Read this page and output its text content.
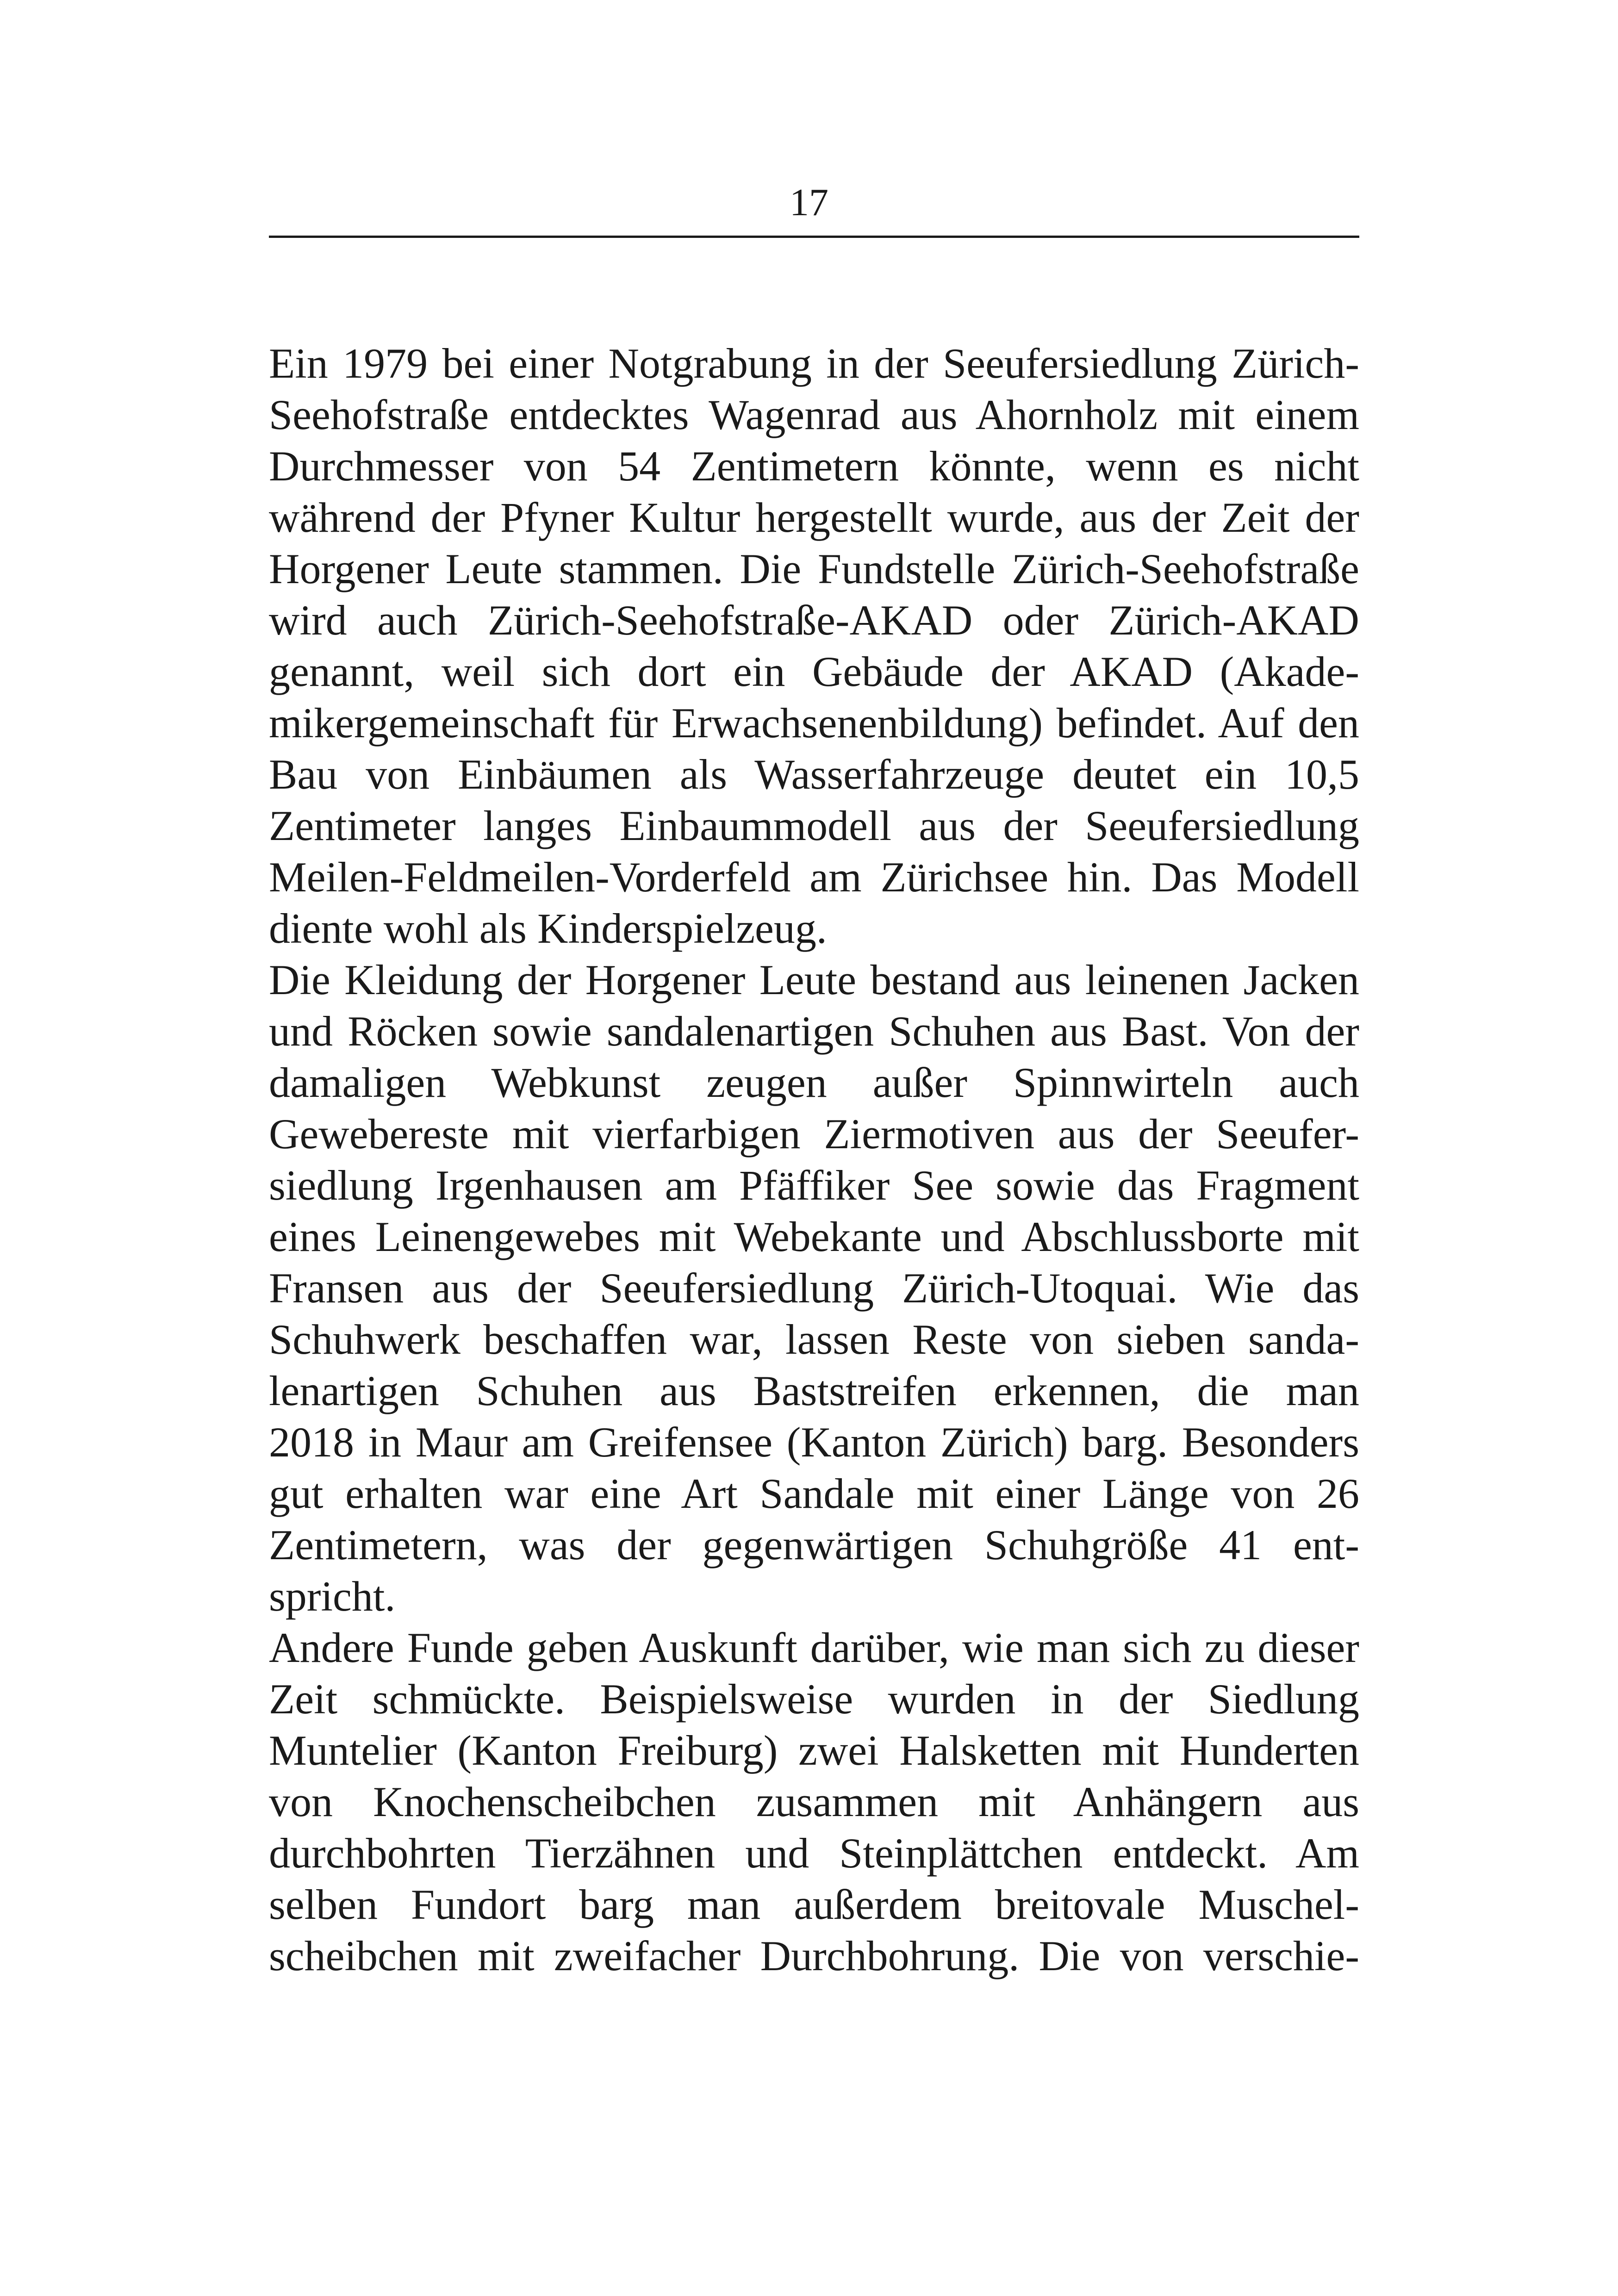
17
Ein 1979 bei einer Notgrabung in der Seeufersiedlung Zürich-
Seehofstraße entdecktes Wagenrad aus Ahornholz mit einem
Durchmesser von 54 Zentimetern könnte, wenn es nicht
während der Pfyner Kultur hergestellt wurde, aus der Zeit der
Horgener Leute stammen. Die Fundstelle Zürich-Seehofstraße
wird auch Zürich-Seehofstraße-AKAD oder Zürich-AKAD
genannt, weil sich dort ein Gebäude der AKAD (Akade-
mikergemeinschaft für Erwachsenenbildung) befindet. Auf den
Bau von Einbäumen als Wasserfahrzeuge deutet ein 10,5
Zentimeter langes Einbaummodell aus der Seeufersiedlung
Meilen-Feldmeilen-Vorderfeld am Zürichsee hin. Das Modell
diente wohl als Kinderspielzeug.
Die Kleidung der Horgener Leute bestand aus leinenen Jacken
und Röcken sowie sandalenartigen Schuhen aus Bast. Von der
damaligen Webkunst zeugen außer Spinnwirteln auch
Gewebereste mit vierfarbigen Ziermotiven aus der Seeufer-
siedlung Irgenhausen am Pfäffiker See sowie das Fragment
eines Leinengewebes mit Webekante und Abschlussborte mit
Fransen aus der Seeufersiedlung Zürich-Utoquai. Wie das
Schuhwerk beschaffen war, lassen Reste von sieben sanda-
lenartigen Schuhen aus Baststreifen erkennen, die man
2018 in Maur am Greifensee (Kanton Zürich) barg. Besonders
gut erhalten war eine Art Sandale mit einer Länge von 26
Zentimetern, was der gegenwärtigen Schuhgröße 41 ent-
spricht.
Andere Funde geben Auskunft darüber, wie man sich zu dieser
Zeit schmückte. Beispielsweise wurden in der Siedlung
Muntelier (Kanton Freiburg) zwei Halsketten mit Hunderten
von Knochenscheibchen zusammen mit Anhängern aus
durchbohrten Tierzähnen und Steinplättchen entdeckt. Am
selben Fundort barg man außerdem breitovale Muschel-
scheibchen mit zweifacher Durchbohrung. Die von verschie-
